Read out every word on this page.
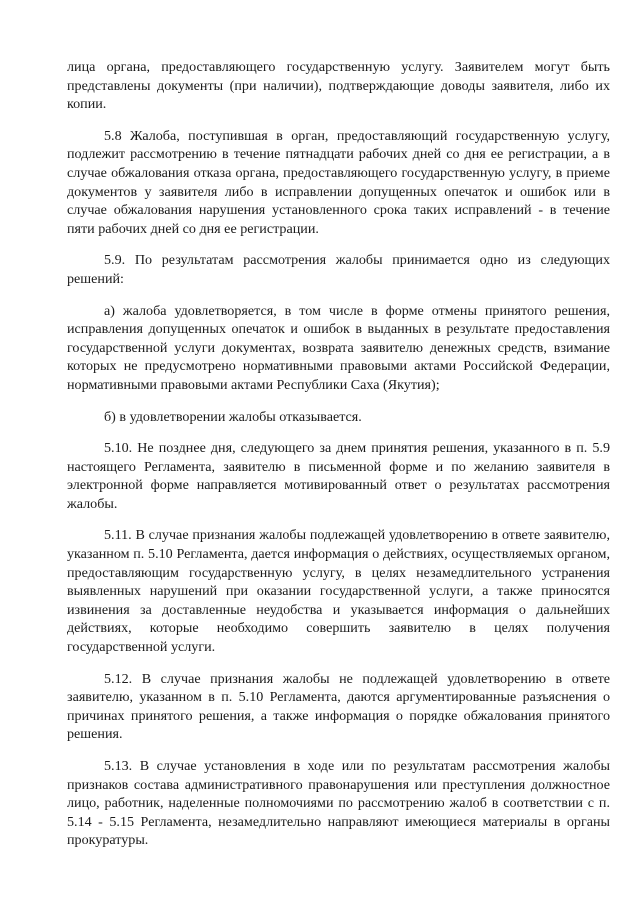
лица органа, предоставляющего государственную услугу. Заявителем могут быть представлены документы (при наличии), подтверждающие доводы заявителя, либо их копии.

5.8 Жалоба, поступившая в орган, предоставляющий государственную услугу, подлежит рассмотрению в течение пятнадцати рабочих дней со дня ее регистрации, а в случае обжалования отказа органа, предоставляющего государственную услугу, в приеме документов у заявителя либо в исправлении допущенных опечаток и ошибок или в случае обжалования нарушения установленного срока таких исправлений - в течение пяти рабочих дней со дня ее регистрации.

5.9. По результатам рассмотрения жалобы принимается одно из следующих решений:

а) жалоба удовлетворяется, в том числе в форме отмены принятого решения, исправления допущенных опечаток и ошибок в выданных в результате предоставления государственной услуги документах, возврата заявителю денежных средств, взимание которых не предусмотрено нормативными правовыми актами Российской Федерации, нормативными правовыми актами Республики Саха (Якутия);

б) в удовлетворении жалобы отказывается.

5.10. Не позднее дня, следующего за днем принятия решения, указанного в п. 5.9 настоящего Регламента, заявителю в письменной форме и по желанию заявителя в электронной форме направляется мотивированный ответ о результатах рассмотрения жалобы.

5.11. В случае признания жалобы подлежащей удовлетворению в ответе заявителю, указанном п. 5.10 Регламента, дается информация о действиях, осуществляемых органом, предоставляющим государственную услугу, в целях незамедлительного устранения выявленных нарушений при оказании государственной услуги, а также приносятся извинения за доставленные неудобства и указывается информация о дальнейших действиях, которые необходимо совершить заявителю в целях получения государственной услуги.

5.12. В случае признания жалобы не подлежащей удовлетворению в ответе заявителю, указанном в п. 5.10 Регламента, даются аргументированные разъяснения о причинах принятого решения, а также информация о порядке обжалования принятого решения.

5.13. В случае установления в ходе или по результатам рассмотрения жалобы признаков состава административного правонарушения или преступления должностное лицо, работник, наделенные полномочиями по рассмотрению жалоб в соответствии с п. 5.14 - 5.15 Регламента, незамедлительно направляют имеющиеся материалы в органы прокуратуры.
